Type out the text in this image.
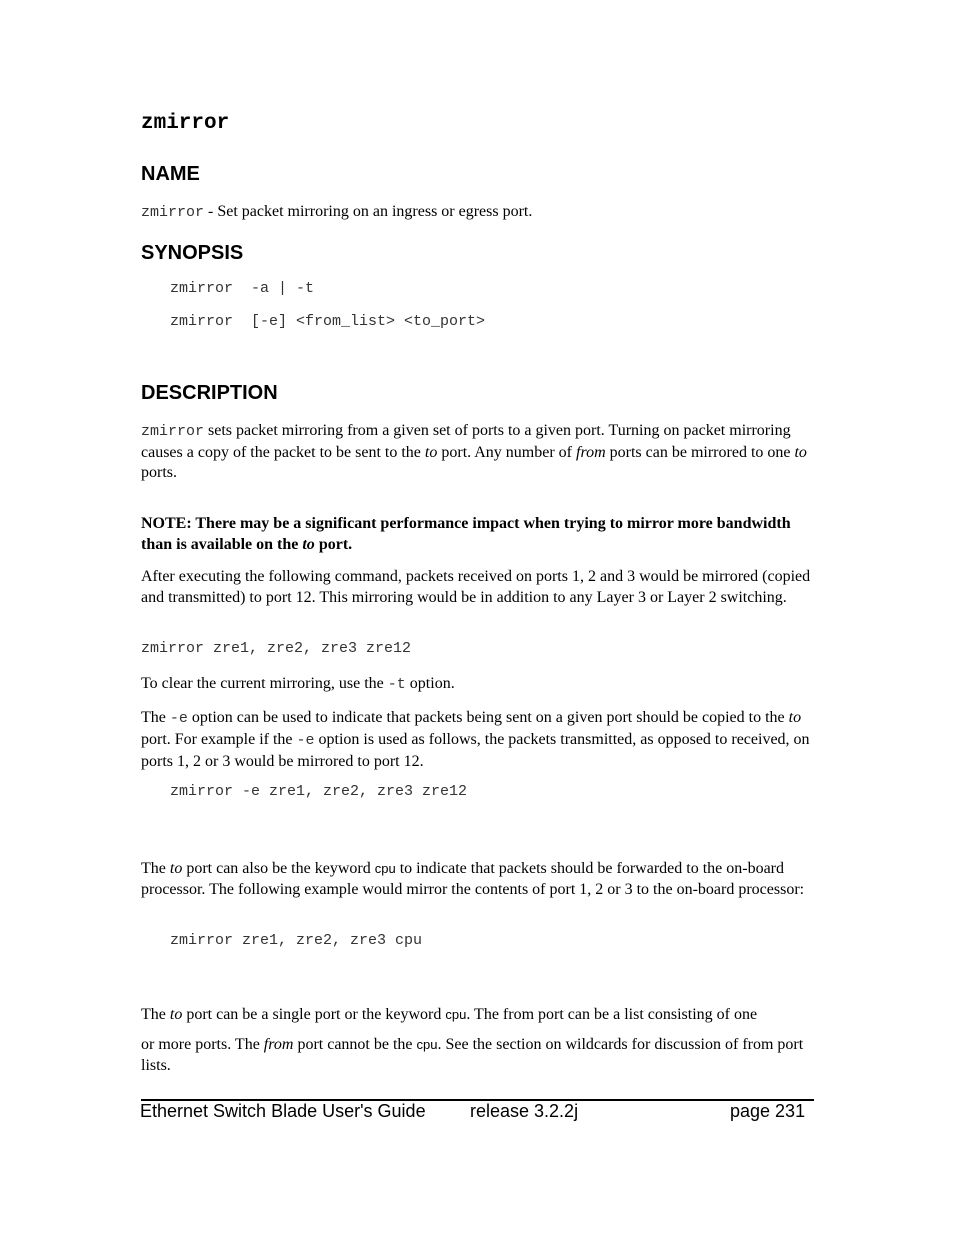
zmirror
NAME

zmirror - Set packet mirroring on an ingress or egress port.

SYNOPSIS
zmirror  -a | -t
zmirror  [-e] <from_list> <to_port>
DESCRIPTION

zmirror sets packet mirroring from a given set of ports to a given port. Turning on packet mirroring causes a copy of the packet to be sent to the to port. Any number of from ports can be mirrored to one to ports.

NOTE: There may be a significant performance impact when trying to mirror more bandwidth than is available on the to port.

After executing the following command, packets received on ports 1, 2 and 3 would be mirrored (copied and transmitted) to port 12. This mirroring would be in addition to any Layer 3 or Layer 2 switching.

zmirror zre1, zre2, zre3 zre12

To clear the current mirroring, use the -t option.

The -e option can be used to indicate that packets being sent on a given port should be copied to the to port. For example if the -e option is used as follows, the packets transmitted, as opposed to received, on ports 1, 2 or 3 would be mirrored to port 12.

zmirror -e zre1, zre2, zre3 zre12

The to port can also be the keyword cpu to indicate that packets should be forwarded to the on-board processor. The following example would mirror the contents of port 1, 2 or 3 to the on-board processor:

zmirror zre1, zre2, zre3 cpu

The to port can be a single port or the keyword cpu. The from port can be a list consisting of one

or more ports. The from port cannot be the cpu. See the section on wildcards for discussion of from port lists.

Ethernet Switch Blade User's Guide release 3.2.2j	page 231
